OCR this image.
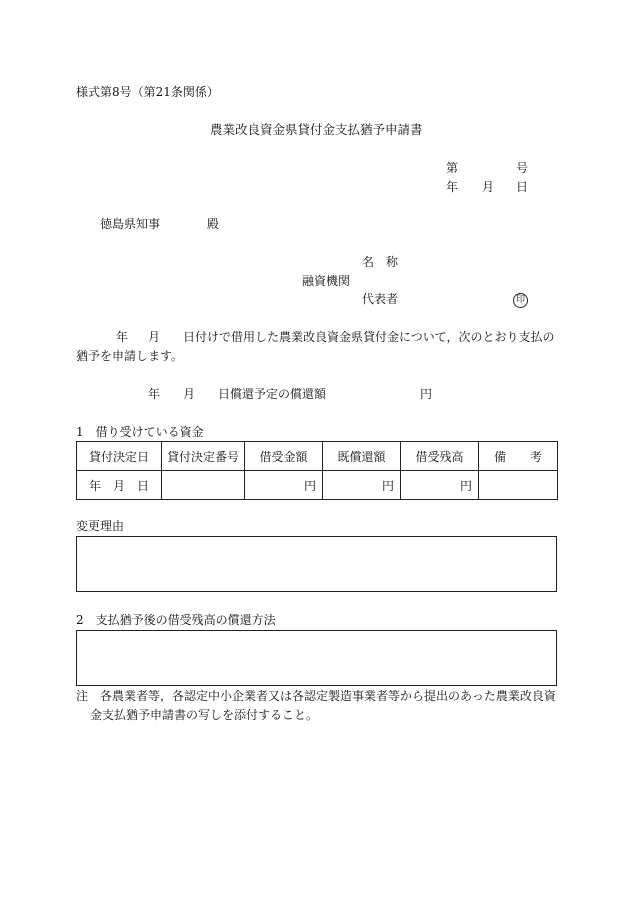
様式第8号（第21条関係）
農業改良資金県貸付金支払猶予申請書
第	号
年 月 日
徳島県知事	殿
名　称
融資機関
代表者	印
年 月 日付けで借用した農業改良資金県貸付金について，次のとおり支払の
猶予を申請します。
年 月 日償還予定の償還額	円
1　借り受けている資金
貸付決定日	貸付決定番号	借受金額	既償還額	借受残高	備　　考
年　月　日		円	円	円	
変更理由
2　支払猶予後の借受残高の償還方法
注　各農業者等，各認定中小企業者又は各認定製造事業者等から提出のあった農業改良資
金支払猶予申請書の写しを添付すること。
